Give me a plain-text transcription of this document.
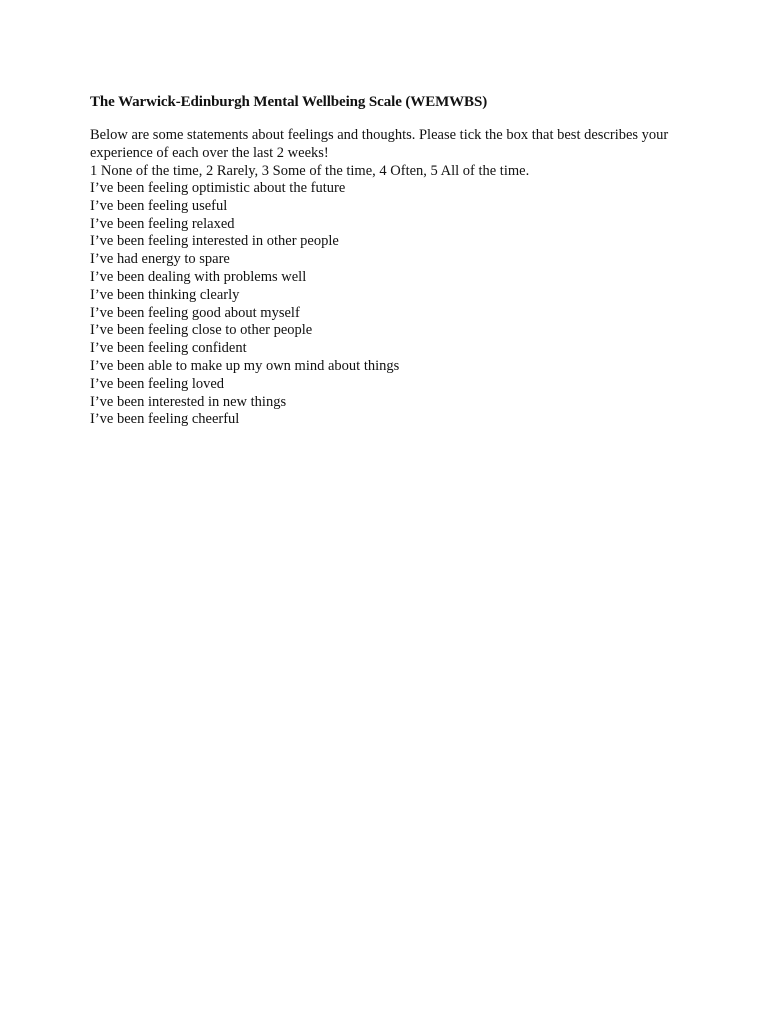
The Warwick-Edinburgh Mental Wellbeing Scale (WEMWBS)

Below are some statements about feelings and thoughts. Please tick the box that best describes your experience of each over the last 2 weeks!

1 None of the time, 2 Rarely, 3 Some of the time, 4 Often, 5 All of the time.

I’ve been feeling optimistic about the future
I’ve been feeling useful
I’ve been feeling relaxed
I’ve been feeling interested in other people
I’ve had energy to spare
I’ve been dealing with problems well
I’ve been thinking clearly
I’ve been feeling good about myself
I’ve been feeling close to other people
I’ve been feeling confident
I’ve been able to make up my own mind about things
I’ve been feeling loved
I’ve been interested in new things
I’ve been feeling cheerful
